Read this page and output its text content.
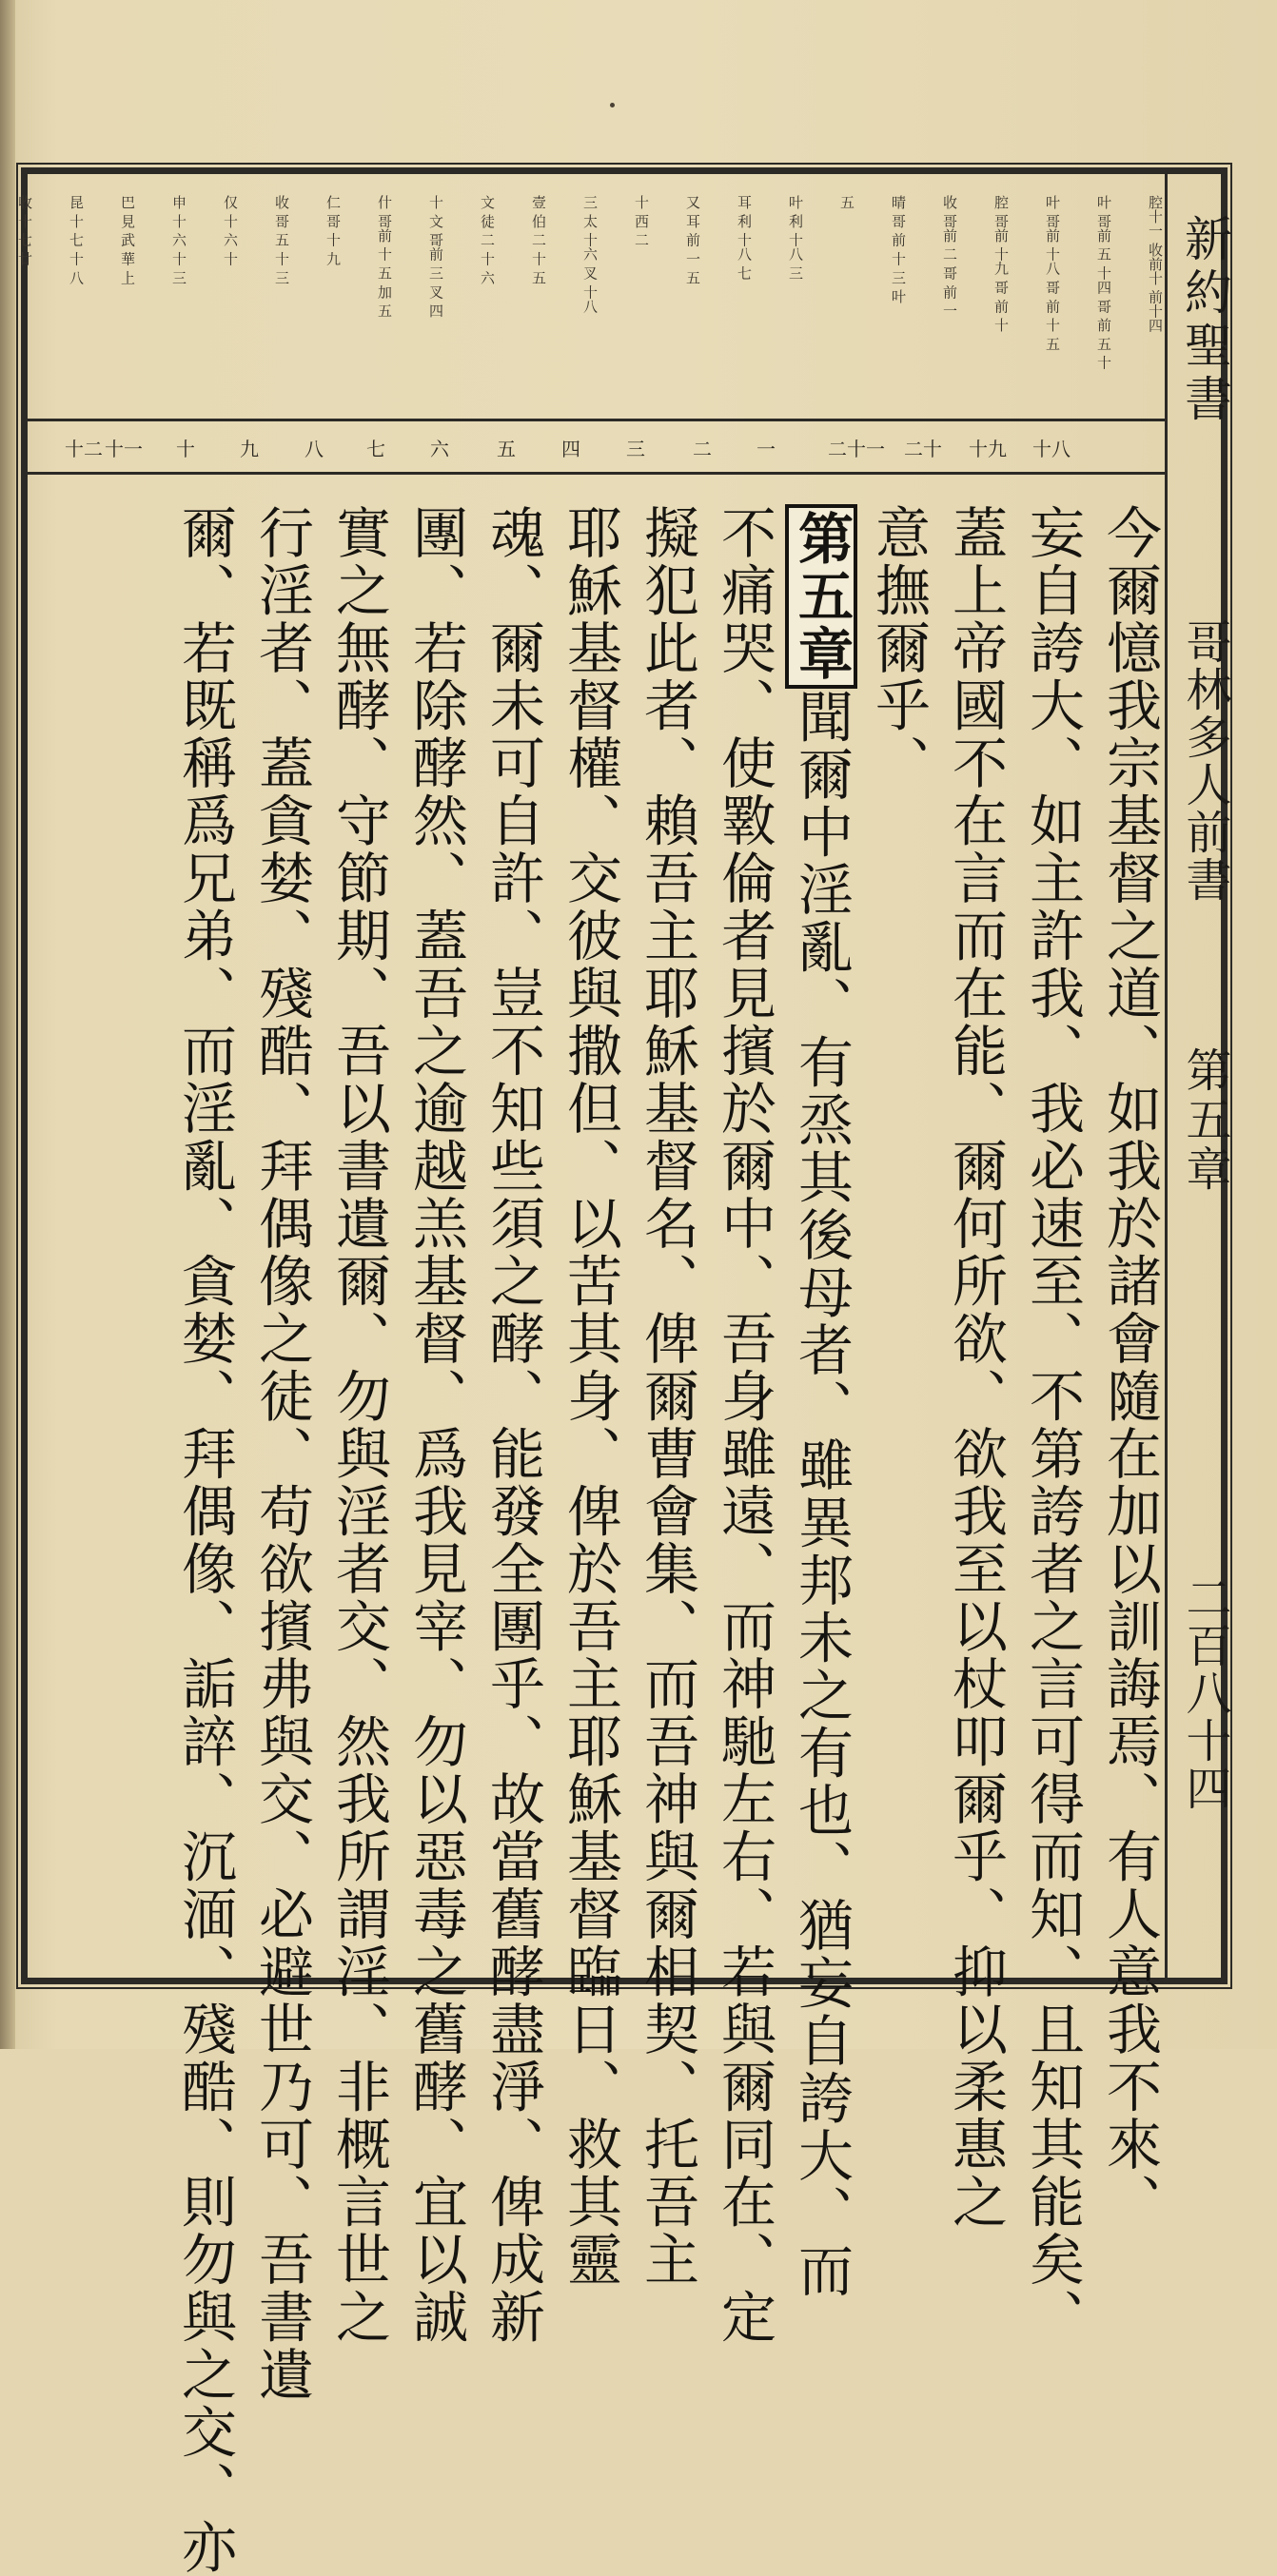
新約聖書
哥林多人前書
第五章
二百八十四
腔十一 收前十 前十四
叶 哥前 五 十四 哥 前 五 十
叶 哥前 十八 哥 前 十 五
腔 哥前 十九 哥 前 十
收 哥前 二 哥 前 一
晴 哥 前 十 三 叶
五
叶 利 十八 三
耳 利 十八 七
又 耳 前 一 五
十 西 二
三 太 十六 叉 十八
壹 伯 二 十 五
文 徒 二 十 六
十 文 哥前 三 叉 四
什 哥前 十 五 加 五
仁 哥 十 九
收 哥 五 十 三
仅 十 六 十
申 十 六 十 三
巴 見 武 華 上
昆 十 七 十 八
收 十 七 廿
十八
十九
二十
二十一
一
二
三
四
五
六
七
八
九
十
十一
十二
今爾憶我宗基督之道、如我於諸會隨在加以訓誨焉、有人意我不來、
妄自誇大、如主許我、我必速至、不第誇者之言可得而知、且知其能矣、
蓋上帝國不在言而在能、爾何所欲、欲我至以杖叩爾乎、抑以柔惠之
意撫爾乎、
第五章聞爾中淫亂、有烝其後母者、雖異邦未之有也、猶妄自誇大、而
不痛哭、使斁倫者見擯於爾中、吾身雖遠、而神馳左右、若與爾同在、定
擬犯此者、賴吾主耶穌基督名、俾爾曹會集、而吾神與爾相契、托吾主
耶穌基督權、交彼與撒但、以苦其身、俾於吾主耶穌基督臨日、救其靈
魂、爾未可自許、豈不知些須之酵、能發全團乎、故當舊酵盡淨、俾成新
團、若除酵然、蓋吾之逾越羔基督、爲我見宰、勿以惡毒之舊酵、宜以誠
實之無酵、守節期、吾以書遺爾、勿與淫者交、然我所謂淫、非概言世之
行淫者、蓋貪婪、殘酷、拜偶像之徒、苟欲擯弗與交、必避世乃可、吾書遺
爾、若既稱爲兄弟、而淫亂、貪婪、拜偶像、詬誶、沉湎、殘酷、則勿與之交、亦
